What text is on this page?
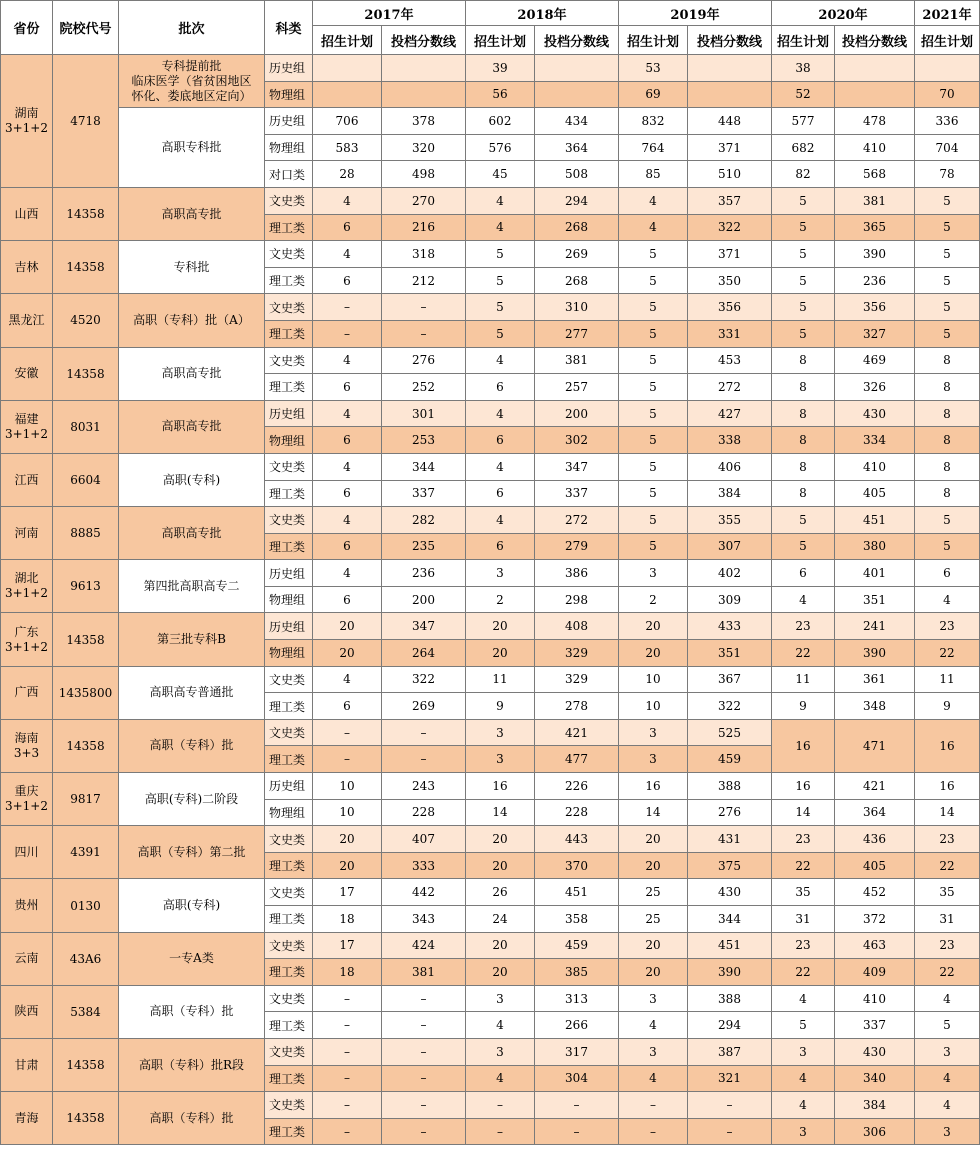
省份	院校代号	批次	科类	2017年		2018年		2019年		2020年		2021年
				招生计划	投档分数线	招生计划	投档分数线	招生计划	投档分数线	招生计划	投档分数线	招生计划
湖南
3+1+2	4718	专科提前批
临床医学（省贫困地区
怀化、娄底地区定向）	历史组			39		53		38		
			物理组			56		69		52		70
		高职专科批	历史组	706	378	602	434	832	448	577	478	336
			物理组	583	320	576	364	764	371	682	410	704
			对口类	28	498	45	508	85	510	82	568	78
山西	14358	高职高专批	文史类	4	270	4	294	4	357	5	381	5
			理工类	6	216	4	268	4	322	5	365	5
吉林	14358	专科批	文史类	4	318	5	269	5	371	5	390	5
			理工类	6	212	5	268	5	350	5	236	5
黑龙江	4520	高职（专科）批（A）	文史类	–	–	5	310	5	356	5	356	5
			理工类	–	–	5	277	5	331	5	327	5
安徽	14358	高职高专批	文史类	4	276	4	381	5	453	8	469	8
			理工类	6	252	6	257	5	272	8	326	8
福建
3+1+2	8031	高职高专批	历史组	4	301	4	200	5	427	8	430	8
			物理组	6	253	6	302	5	338	8	334	8
江西	6604	高职(专科)	文史类	4	344	4	347	5	406	8	410	8
			理工类	6	337	6	337	5	384	8	405	8
河南	8885	高职高专批	文史类	4	282	4	272	5	355	5	451	5
			理工类	6	235	6	279	5	307	5	380	5
湖北
3+1+2	9613	第四批高职高专二	历史组	4	236	3	386	3	402	6	401	6
			物理组	6	200	2	298	2	309	4	351	4
广东
3+1+2	14358	第三批专科B	历史组	20	347	20	408	20	433	23	241	23
			物理组	20	264	20	329	20	351	22	390	22
广西	1435800	高职高专普通批	文史类	4	322	11	329	10	367	11	361	11
			理工类	6	269	9	278	10	322	9	348	9
海南
3+3	14358	高职（专科）批	文史类	–	–	3	421	3	525	16	471	16
			理工类	–	–	3	477	3	459			
重庆
3+1+2	9817	高职(专科)二阶段	历史组	10	243	16	226	16	388	16	421	16
			物理组	10	228	14	228	14	276	14	364	14
四川	4391	高职（专科）第二批	文史类	20	407	20	443	20	431	23	436	23
			理工类	20	333	20	370	20	375	22	405	22
贵州	0130	高职(专科)	文史类	17	442	26	451	25	430	35	452	35
			理工类	18	343	24	358	25	344	31	372	31
云南	43A6	一专A类	文史类	17	424	20	459	20	451	23	463	23
			理工类	18	381	20	385	20	390	22	409	22
陕西	5384	高职（专科）批	文史类	–	–	3	313	3	388	4	410	4
			理工类	–	–	4	266	4	294	5	337	5
甘肃	14358	高职（专科）批R段	文史类	–	–	3	317	3	387	3	430	3
			理工类	–	–	4	304	4	321	4	340	4
青海	14358	高职（专科）批	文史类	–	–	–	–	–	–	4	384	4
			理工类	–	–	–	–	–	–	3	306	3
